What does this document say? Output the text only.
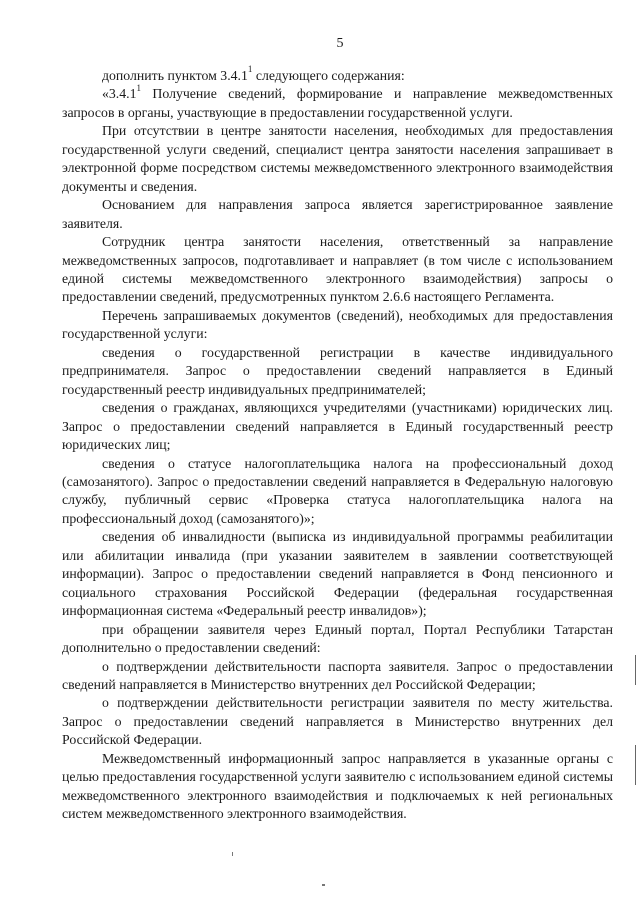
5

дополнить пунктом 3.4.1$^1$ следующего содержания:

«3.4.1$^1$ Получение сведений, формирование и направление межведомственных запросов в органы, участвующие в предоставлении государственной услуги.

При отсутствии в центре занятости населения, необходимых для предоставления государственной услуги сведений, специалист центра занятости населения запрашивает в электронной форме посредством системы межведомственного электронного взаимодействия документы и сведения.

Основанием для направления запроса является зарегистрированное заявление заявителя.

Сотрудник центра занятости населения, ответственный за направление межведомственных запросов, подготавливает и направляет (в том числе с использованием единой системы межведомственного электронного взаимодействия) запросы о предоставлении сведений, предусмотренных пунктом 2.6.6 настоящего Регламента.

Перечень запрашиваемых документов (сведений), необходимых для предоставления государственной услуги:

сведения о государственной регистрации в качестве индивидуального предпринимателя. Запрос о предоставлении сведений направляется в Единый государственный реестр индивидуальных предпринимателей;

сведения о гражданах, являющихся учредителями (участниками) юридических лиц. Запрос о предоставлении сведений направляется в Единый государственный реестр юридических лиц;

сведения о статусе налогоплательщика налога на профессиональный доход (самозанятого). Запрос о предоставлении сведений направляется в Федеральную налоговую службу, публичный сервис «Проверка статуса налогоплательщика налога на профессиональный доход (самозанятого)»;

сведения об инвалидности (выписка из индивидуальной программы реабилитации или абилитации инвалида (при указании заявителем в заявлении соответствующей информации). Запрос о предоставлении сведений направляется в Фонд пенсионного и социального страхования Российской Федерации (федеральная государственная информационная система «Федеральный реестр инвалидов»);

при обращении заявителя через Единый портал, Портал Республики Татарстан дополнительно о предоставлении сведений:

о подтверждении действительности паспорта заявителя. Запрос о предоставлении сведений направляется в Министерство внутренних дел Российской Федерации;

о подтверждении действительности регистрации заявителя по месту жительства. Запрос о предоставлении сведений направляется в Министерство внутренних дел Российской Федерации.

Межведомственный информационный запрос направляется в указанные органы с целью предоставления государственной услуги заявителю с использованием единой системы межведомственного электронного взаимодействия и подключаемых к ней региональных систем межведомственного электронного взаимодействия.
